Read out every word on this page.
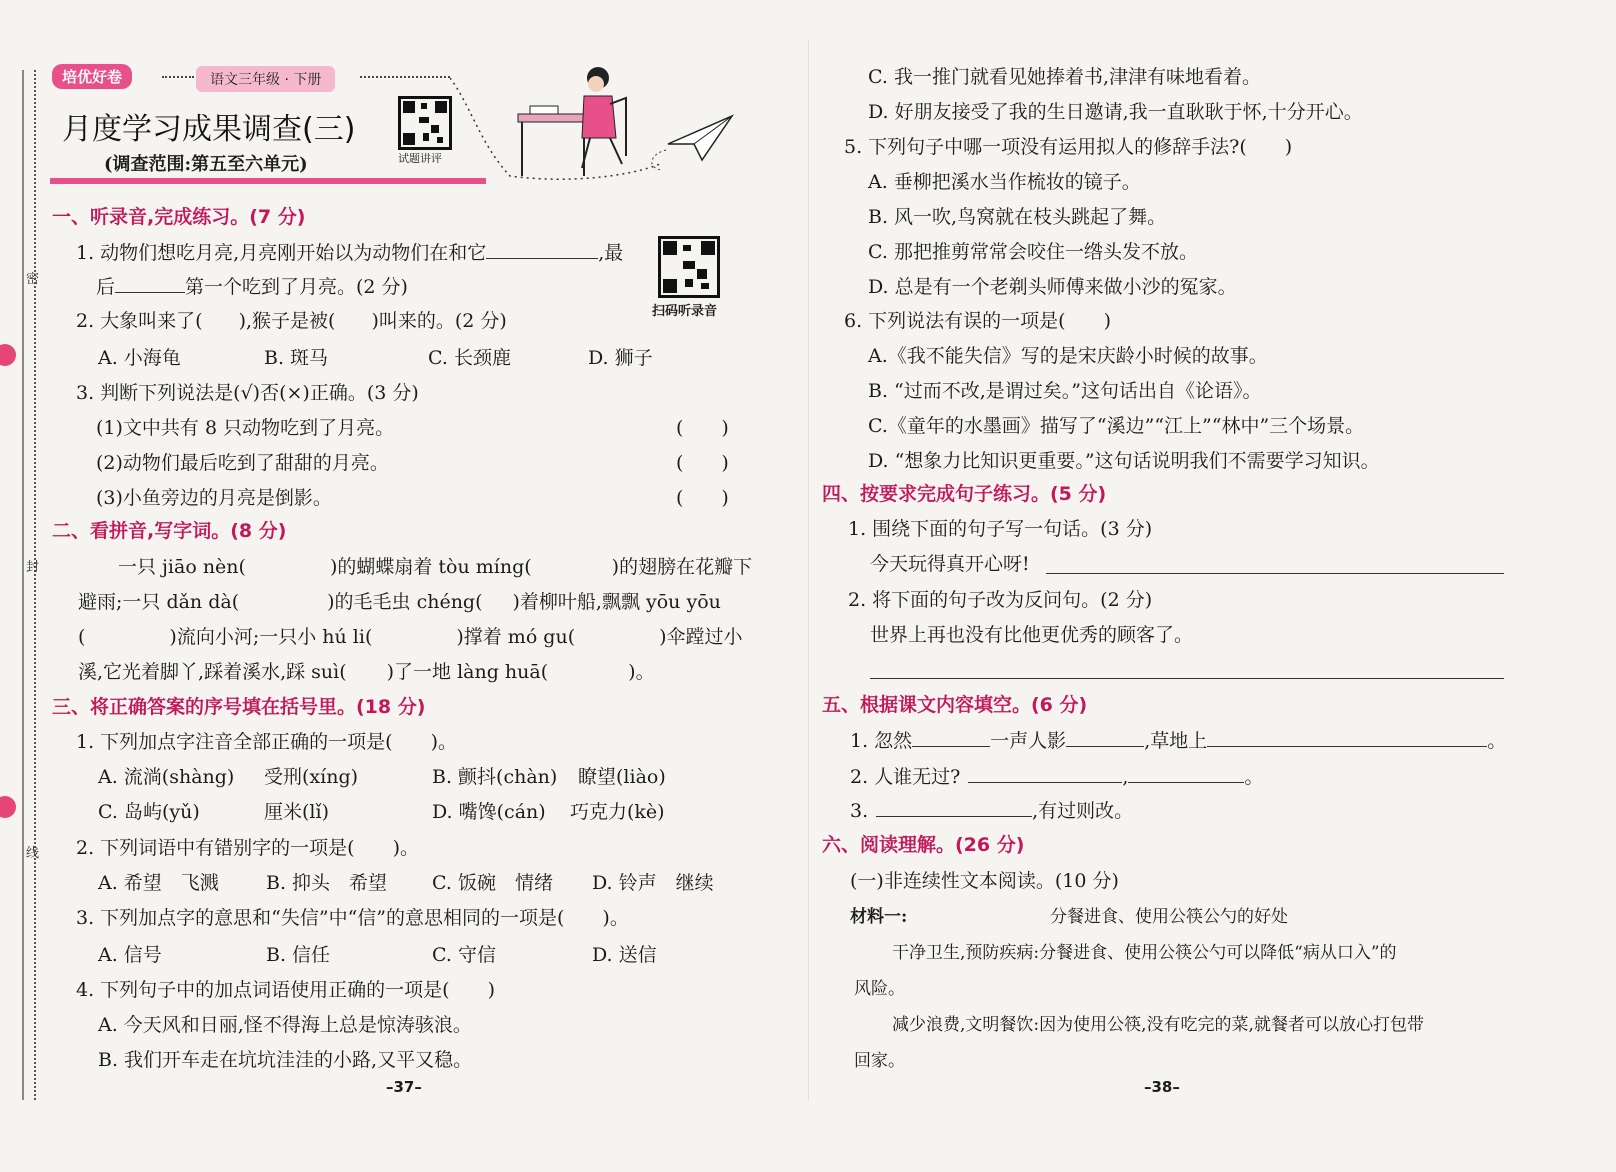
密
封
线
培优好卷	语文三年级 · 下册
月度学习成果调查(三)
(调查范围:第五至六单元)	试题讲评
一、听录音,完成练习。(7 分)
扫码听录音
1. 动物们想吃月亮,月亮刚开始以为动物们在和它	,最
后	第一个吃到了月亮。(2 分)
2. 大象叫来了( ),猴子是被( )叫来的。(2 分)
A. 小海龟	B. 斑马	C. 长颈鹿	D. 狮子
3. 判断下列说法是(√)否(×)正确。(3 分)
(1)文中共有 8 只动物吃到了月亮。	(　　)
(2)动物们最后吃到了甜甜的月亮。	(　　)
(3)小鱼旁边的月亮是倒影。	(　　)
二、看拼音,写字词。(8 分)
一只 jiāo nèn(	)的蝴蝶扇着 tòu míng(	)的翅膀在花瓣下
避雨;一只 dǎn dà(	)的毛毛虫 chéng( )着柳叶船,飘飘 yōu yōu
(	)流向小河;一只小 hú li(	)撑着 mó gu(	)伞蹚过小
溪,它光着脚丫,踩着溪水,踩 suì( )了一地 làng huā(	)。
三、将正确答案的序号填在括号里。(18 分)
1. 下列加点字注音全部正确的一项是(　　)。
A. 流淌(shàng) 受刑(xíng)	B. 颤抖(chàn) 瞭望(liào)
C. 岛屿(yǔ)	厘米(lǐ)	D. 嘴馋(cán) 巧克力(kè)
2. 下列词语中有错别字的一项是(　　)。
A. 希望　飞溅 B. 抑头　希望 C. 饭碗　情绪 D. 铃声　继续
3. 下列加点字的意思和“失信”中“信”的意思相同的一项是(　　)。
A. 信号	B. 信任	C. 守信	D. 送信
4. 下列句子中的加点词语使用正确的一项是(　　)
A. 今天风和日丽,怪不得海上总是惊涛骇浪。
B. 我们开车走在坑坑洼洼的小路,又平又稳。
–37–
C. 我一推门就看见她捧着书,津津有味地看着。
D. 好朋友接受了我的生日邀请,我一直耿耿于怀,十分开心。
5. 下列句子中哪一项没有运用拟人的修辞手法?(　　)
A. 垂柳把溪水当作梳妆的镜子。
B. 风一吹,鸟窝就在枝头跳起了舞。
C. 那把推剪常常会咬住一绺头发不放。
D. 总是有一个老剃头师傅来做小沙的冤家。
6. 下列说法有误的一项是(　　)
A.《我不能失信》写的是宋庆龄小时候的故事。
B. “过而不改,是谓过矣。”这句话出自《论语》。
C.《童年的水墨画》描写了“溪边”“江上”“林中”三个场景。
D. “想象力比知识更重要。”这句话说明我们不需要学习知识。
四、按要求完成句子练习。(5 分)
1. 围绕下面的句子写一句话。(3 分)
今天玩得真开心呀!
2. 将下面的句子改为反问句。(2 分)
世界上再也没有比他更优秀的顾客了。
五、根据课文内容填空。(6 分)
1. 忽然	一声人影	,草地上	。
2. 人谁无过?	,	。
3.	,有过则改。
六、阅读理解。(26 分)
(一)非连续性文本阅读。(10 分)
材料一:	分餐进食、使用公筷公勺的好处
干净卫生,预防疾病:分餐进食、使用公筷公勺可以降低“病从口入”的
风险。
减少浪费,文明餐饮:因为使用公筷,没有吃完的菜,就餐者可以放心打包带
回家。
–38–
